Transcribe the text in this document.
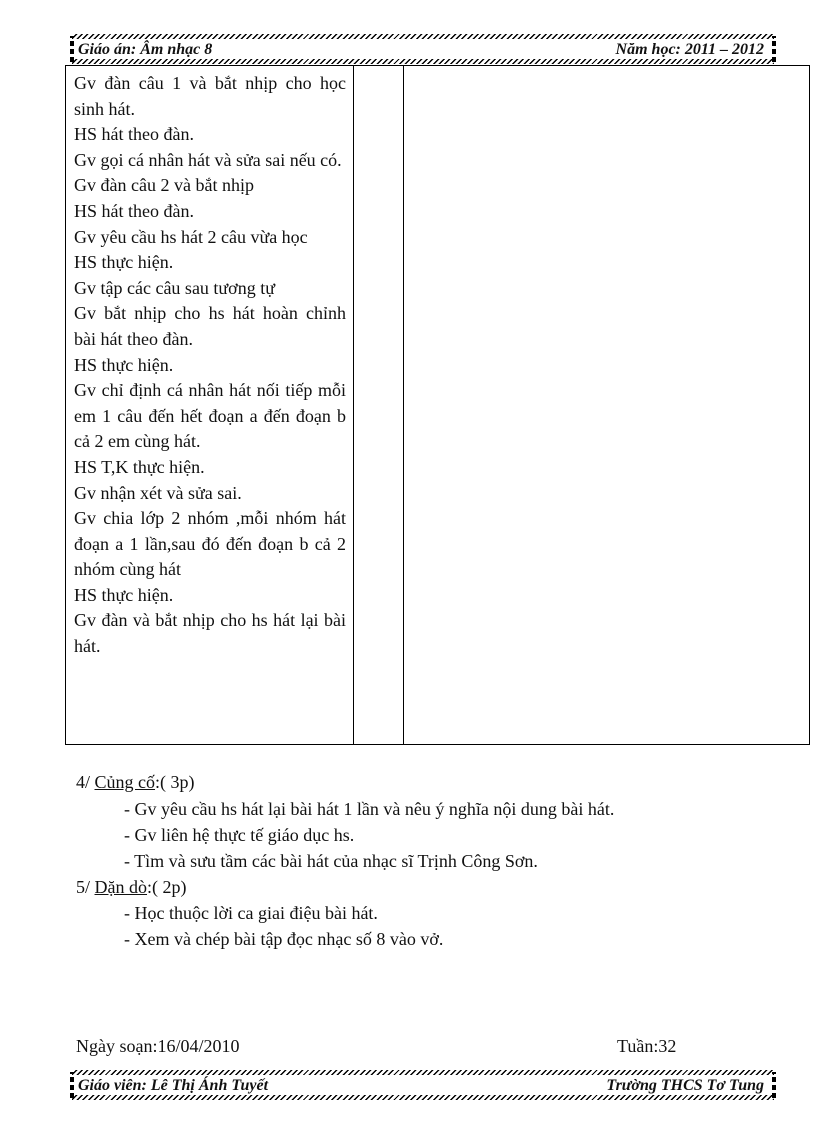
Giáo án: Âm nhạc 8	Năm học: 2011 – 2012
Gv đàn câu 1 và bắt nhịp cho học sinh hát.
HS hát theo đàn.
Gv gọi cá nhân hát và sửa sai nếu có.
Gv đàn câu 2 và bắt nhịp
HS hát theo đàn.
Gv yêu cầu hs hát 2 câu vừa học
HS thực hiện.
Gv tập các câu sau tương tự
Gv bắt nhịp cho hs hát hoàn chỉnh bài hát theo đàn.
HS thực hiện.
Gv chỉ định cá nhân hát nối tiếp mỗi em 1 câu đến hết đoạn a đến đoạn b cả 2 em cùng hát.
HS T,K thực hiện.
Gv nhận xét và sửa sai.
Gv chia lớp 2 nhóm ,mỗi nhóm hát đoạn a 1 lần,sau đó đến đoạn b cả 2 nhóm cùng hát
HS thực hiện.
Gv đàn và bắt nhịp cho hs hát lại bài hát.

4/ Củng cố:( 3p)
- Gv yêu cầu hs hát lại bài hát 1 lần và nêu ý nghĩa nội dung bài hát.
- Gv liên hệ thực tế giáo dục hs.
- Tìm và sưu tầm các bài hát của nhạc sĩ Trịnh Công Sơn.
5/ Dặn dò:( 2p)
- Học thuộc lời ca giai điệu bài hát.
- Xem và chép bài tập đọc nhạc số 8 vào vở.
Ngày soạn:16/04/2010	Tuần:32
Giáo viên: Lê Thị Ánh Tuyết	Trường THCS Tơ Tung
